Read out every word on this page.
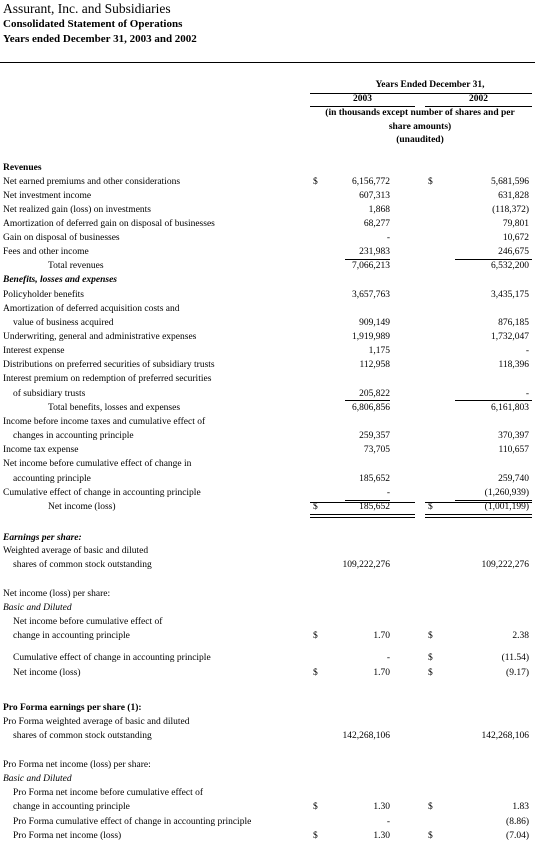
Assurant, Inc. and Subsidiaries
Consolidated Statement of Operations
Years ended December 31, 2003 and 2002
Years Ended December 31,
2003	2002
(in thousands except number of shares and per
share amounts)
(unaudited)
Revenues
Net earned premiums and other considerations	$	6,156,772	$	5,681,596
Net investment income	607,313	631,828
Net realized gain (loss) on investments	1,868	(118,372)
Amortization of deferred gain on disposal of businesses	68,277	79,801
Gain on disposal of businesses	-	10,672
Fees and other income	231,983	246,675
Total revenues	7,066,213	6,532,200
Benefits, losses and expenses
Policyholder benefits	3,657,763	3,435,175
Amortization of deferred acquisition costs and
value of business acquired	909,149	876,185
Underwriting, general and administrative expenses	1,919,989	1,732,047
Interest expense	1,175	-
Distributions on preferred securities of subsidiary trusts	112,958	118,396
Interest premium on redemption of preferred securities
of subsidiary trusts	205,822	-
Total benefits, losses and expenses	6,806,856	6,161,803
Income before income taxes and cumulative effect of
changes in accounting principle	259,357	370,397
Income tax expense	73,705	110,657
Net income before cumulative effect of change in
accounting principle	185,652	259,740
Cumulative effect of change in accounting principle	-	(1,260,939)
Net income (loss)	$	185,652	$	(1,001,199)
Earnings per share:
Weighted average of basic and diluted
shares of common stock outstanding	109,222,276	109,222,276
Net income (loss) per share:
Basic and Diluted
Net income before cumulative effect of
change in accounting principle	$	1.70	$	2.38
Cumulative effect of change in accounting principle	-	$	(11.54)
Net income (loss)	$	1.70	$	(9.17)
Pro Forma earnings per share (1):
Pro Forma weighted average of basic and diluted
shares of common stock outstanding	142,268,106	142,268,106
Pro Forma net income (loss) per share:
Basic and Diluted
Pro Forma net income before cumulative effect of
change in accounting principle	$	1.30	$	1.83
Pro Forma cumulative effect of change in accounting principle	-	(8.86)
Pro Forma net income (loss)	$	1.30	$	(7.04)
